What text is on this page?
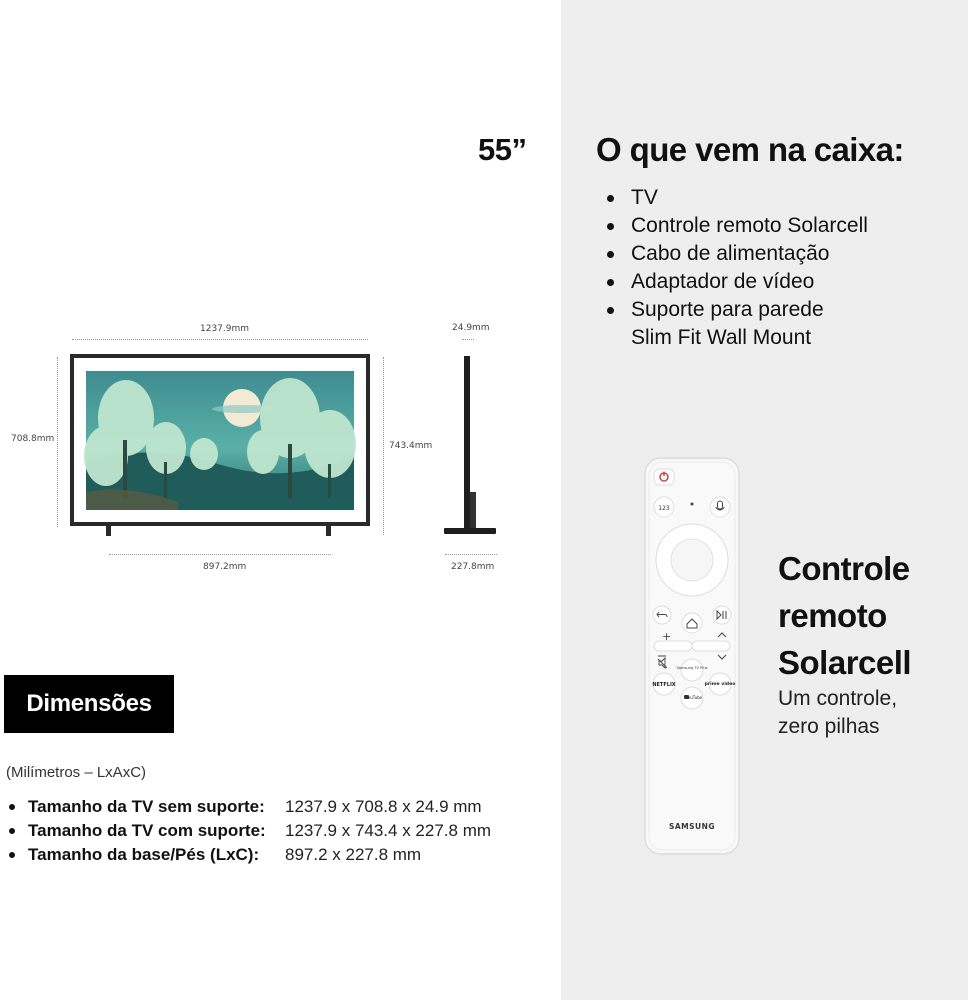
55”
1237.9mm
708.8mm
743.4mm
897.2mm
24.9mm
227.8mm
O que vem na caixa:
TV
Controle remoto Solarcell
Cabo de alimentação
Adaptador de vídeo
Suporte para parede
Slim Fit Wall Mount
123
+
Samsung TV Plus
NETFLIX	prime video
YouTube
SAMSUNG
Controle
remoto
Solarcell
Um controle,
zero pilhas
Dimensões
(Milímetros – LxAxC)
Tamanho da TV sem suporte: 1237.9 x 708.8 x 24.9 mm
Tamanho da TV com suporte: 1237.9 x 743.4 x 227.8 mm
Tamanho da base/Pés (LxC): 897.2 x 227.8 mm
